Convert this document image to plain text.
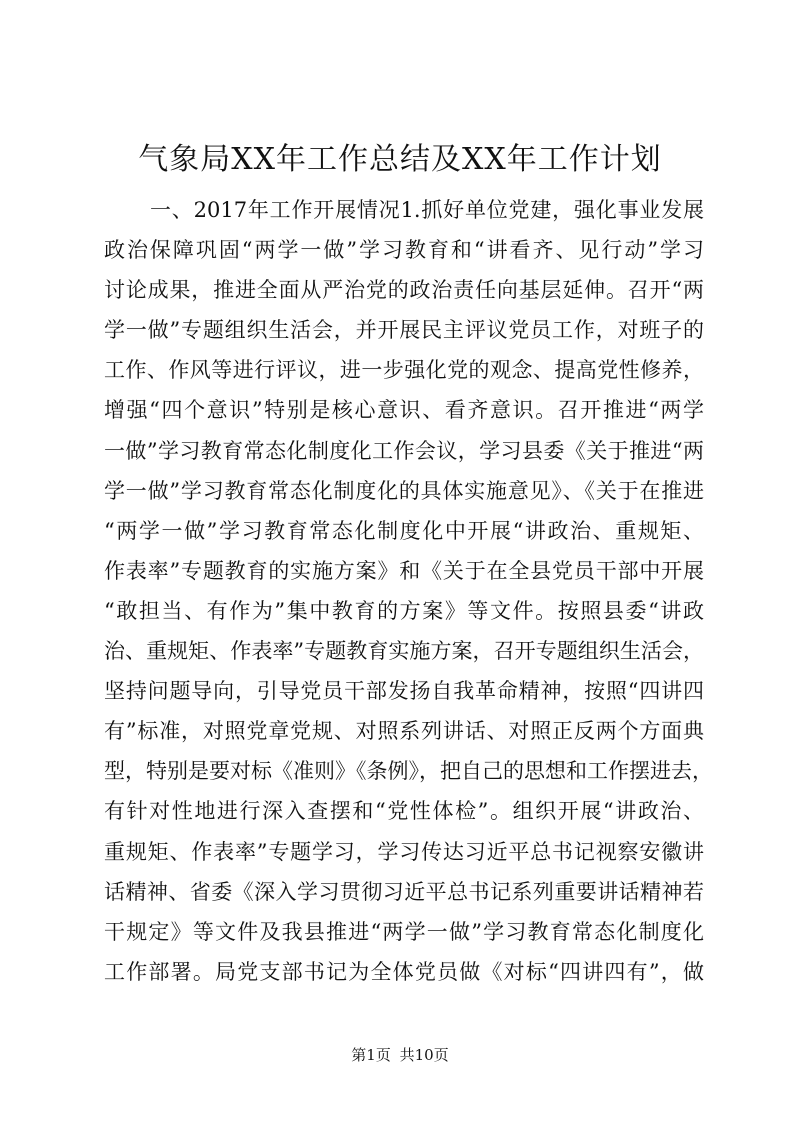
气象局XX年工作总结及XX年工作计划
一、2017年工作开展情况1.抓好单位党建，强化事业发展
政治保障巩固“两学一做”学习教育和“讲看齐、见行动”学习
讨论成果，推进全面从严治党的政治责任向基层延伸。召开“两
学一做”专题组织生活会，并开展民主评议党员工作，对班子的
工作、作风等进行评议，进一步强化党的观念、提高党性修养，
增强“四个意识”特别是核心意识、看齐意识。召开推进“两学
一做”学习教育常态化制度化工作会议，学习县委《关于推进“两
学一做”学习教育常态化制度化的具体实施意见》、《关于在推进
“两学一做”学习教育常态化制度化中开展“讲政治、重规矩、
作表率”专题教育的实施方案》和《关于在全县党员干部中开展
“敢担当、有作为”集中教育的方案》等文件。按照县委“讲政
治、重规矩、作表率”专题教育实施方案，召开专题组织生活会，
坚持问题导向，引导党员干部发扬自我革命精神，按照“四讲四
有”标准，对照党章党规、对照系列讲话、对照正反两个方面典
型，特别是要对标《准则》《条例》，把自己的思想和工作摆进去，
有针对性地进行深入查摆和“党性体检”。组织开展“讲政治、
重规矩、作表率”专题学习，学习传达习近平总书记视察安徽讲
话精神、省委《深入学习贯彻习近平总书记系列重要讲话精神若
干规定》等文件及我县推进“两学一做”学习教育常态化制度化
工作部署。局党支部书记为全体党员做《对标“四讲四有”，做
第1页 共10页
